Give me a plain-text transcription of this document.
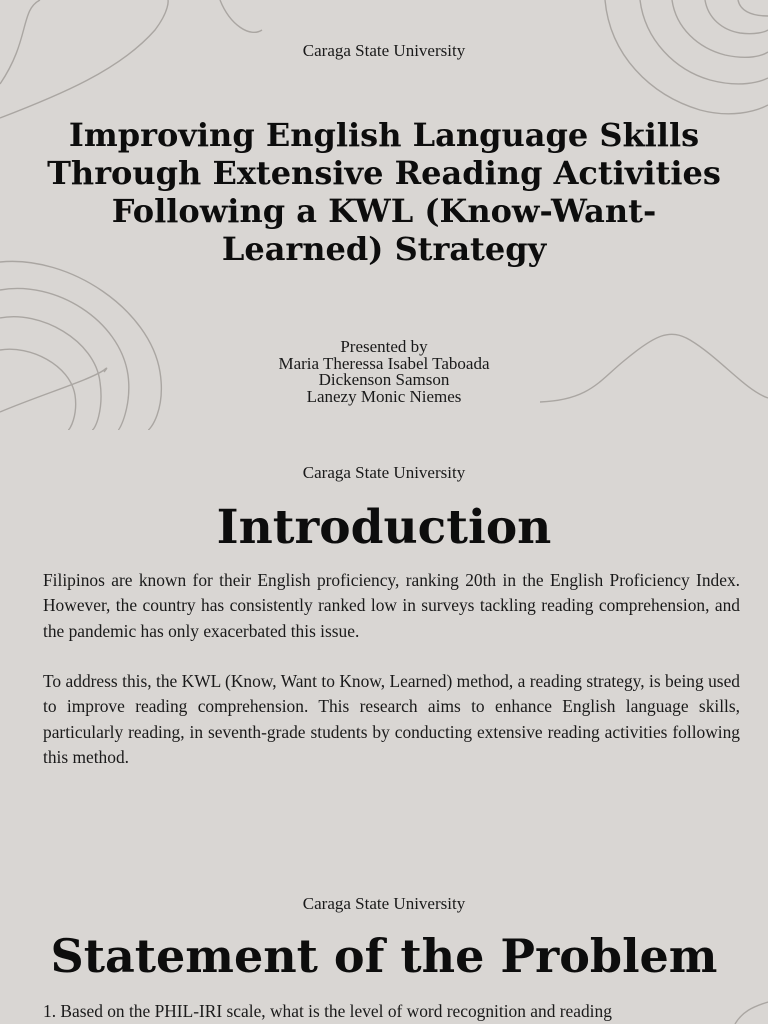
Caraga State University

Improving English Language Skills Through Extensive Reading Activities Following a KWL (Know-Want-Learned) Strategy
Presented by
Maria Theressa Isabel Taboada
Dickenson Samson
Lanezy Monic Niemes

Caraga State University

Introduction

Filipinos are known for their English proficiency, ranking 20th in the English Proficiency Index. However, the country has consistently ranked low in surveys tackling reading comprehension, and the pandemic has only exacerbated this issue.

To address this, the KWL (Know, Want to Know, Learned) method, a reading strategy, is being used to improve reading comprehension. This research aims to enhance English language skills, particularly reading, in seventh-grade students by conducting extensive reading activities following this method.

Caraga State University

Statement of the Problem

1. Based on the PHIL-IRI scale, what is the level of word recognition and reading
